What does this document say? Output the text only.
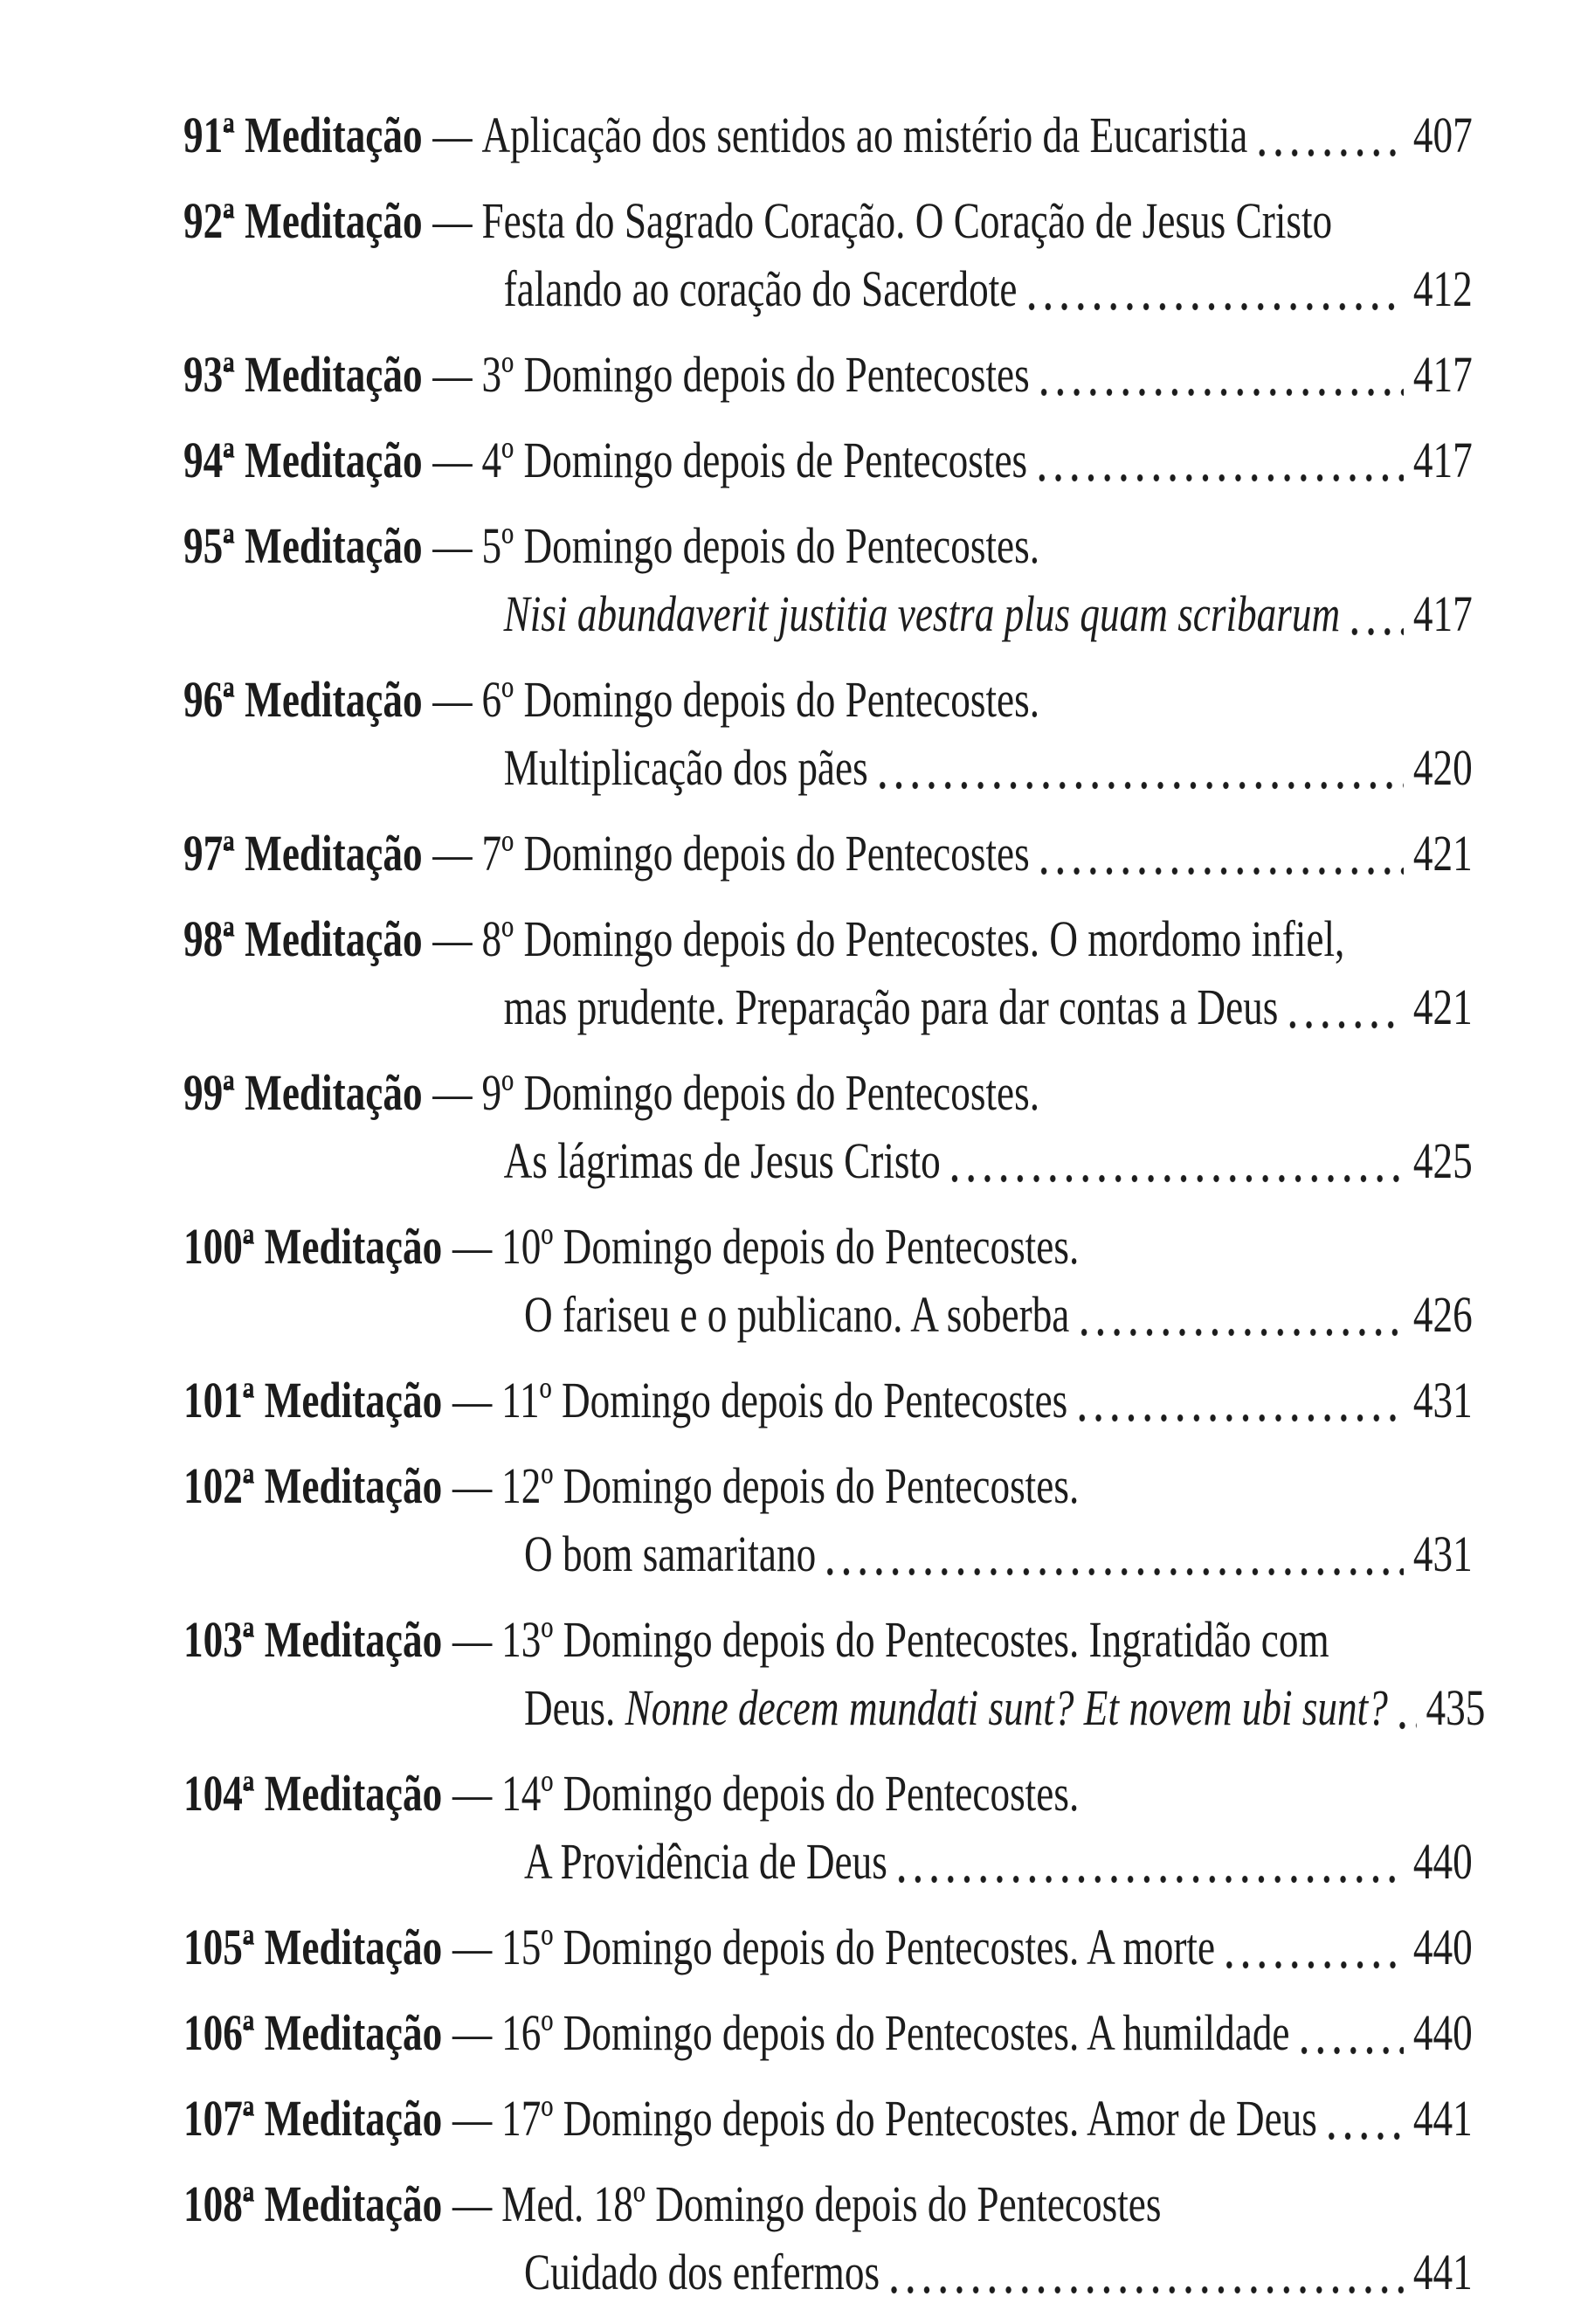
91ª Meditação — Aplicação dos sentidos ao mistério da Eucaristia	407
92ª Meditação — Festa do Sagrado Coração. O Coração de Jesus Cristo
falando ao coração do Sacerdote	412
93ª Meditação — 3º Domingo depois do Pentecostes	417
94ª Meditação — 4º Domingo depois de Pentecostes	417
95ª Meditação — 5º Domingo depois do Pentecostes.
Nisi abundaverit justitia vestra plus quam scribarum 417
96ª Meditação — 6º Domingo depois do Pentecostes.
Multiplicação dos pães	420
97ª Meditação — 7º Domingo depois do Pentecostes	421
98ª Meditação — 8º Domingo depois do Pentecostes. O mordomo infiel,
mas prudente. Preparação para dar contas a Deus	421
99ª Meditação — 9º Domingo depois do Pentecostes.
As lágrimas de Jesus Cristo	425
100ª Meditação — 10º Domingo depois do Pentecostes.
O fariseu e o publicano. A soberba	426
101ª Meditação — 11º Domingo depois do Pentecostes	431
102ª Meditação — 12º Domingo depois do Pentecostes.
O bom samaritano	431
103ª Meditação — 13º Domingo depois do Pentecostes. Ingratidão com
Deus. Nonne decem mundati sunt? Et novem ubi sunt? 435
104ª Meditação — 14º Domingo depois do Pentecostes.
A Providência de Deus	440
105ª Meditação — 15º Domingo depois do Pentecostes. A morte	440
106ª Meditação — 16º Domingo depois do Pentecostes. A humildade 440
107ª Meditação — 17º Domingo depois do Pentecostes. Amor de Deus 441
108ª Meditação — Med. 18º Domingo depois do Pentecostes
Cuidado dos enfermos	441
